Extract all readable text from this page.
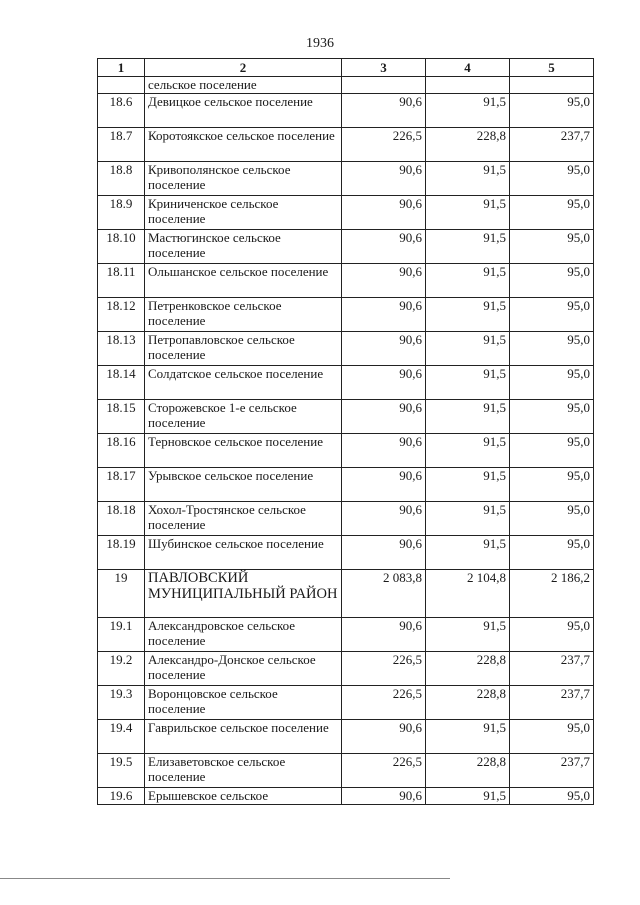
1936
1	2	3	4	5
	сельское поселение			
18.6	Девицкое сельское поселение	90,6	91,5	95,0
18.7	Коротоякское сельское поселение	226,5	228,8	237,7
18.8	Кривополянское сельское поселение	90,6	91,5	95,0
18.9	Криниченское сельское поселение	90,6	91,5	95,0
18.10	Мастюгинское сельское поселение	90,6	91,5	95,0
18.11	Ольшанское сельское поселение	90,6	91,5	95,0
18.12	Петренковское сельское поселение	90,6	91,5	95,0
18.13	Петропавловское сельское поселение	90,6	91,5	95,0
18.14	Солдатское сельское поселение	90,6	91,5	95,0
18.15	Сторожевское 1-е сельское поселение	90,6	91,5	95,0
18.16	Терновское сельское поселение	90,6	91,5	95,0
18.17	Урывское сельское поселение	90,6	91,5	95,0
18.18	Хохол-Тростянское сельское поселение	90,6	91,5	95,0
18.19	Шубинское сельское поселение	90,6	91,5	95,0
19	ПАВЛОВСКИЙ МУНИЦИПАЛЬНЫЙ РАЙОН	2 083,8	2 104,8	2 186,2
19.1	Александровское сельское поселение	90,6	91,5	95,0
19.2	Александро-Донское сельское поселение	226,5	228,8	237,7
19.3	Воронцовское сельское поселение	226,5	228,8	237,7
19.4	Гаврильское сельское поселение	90,6	91,5	95,0
19.5	Елизаветовское сельское поселение	226,5	228,8	237,7
19.6	Ерышевское сельское	90,6	91,5	95,0
